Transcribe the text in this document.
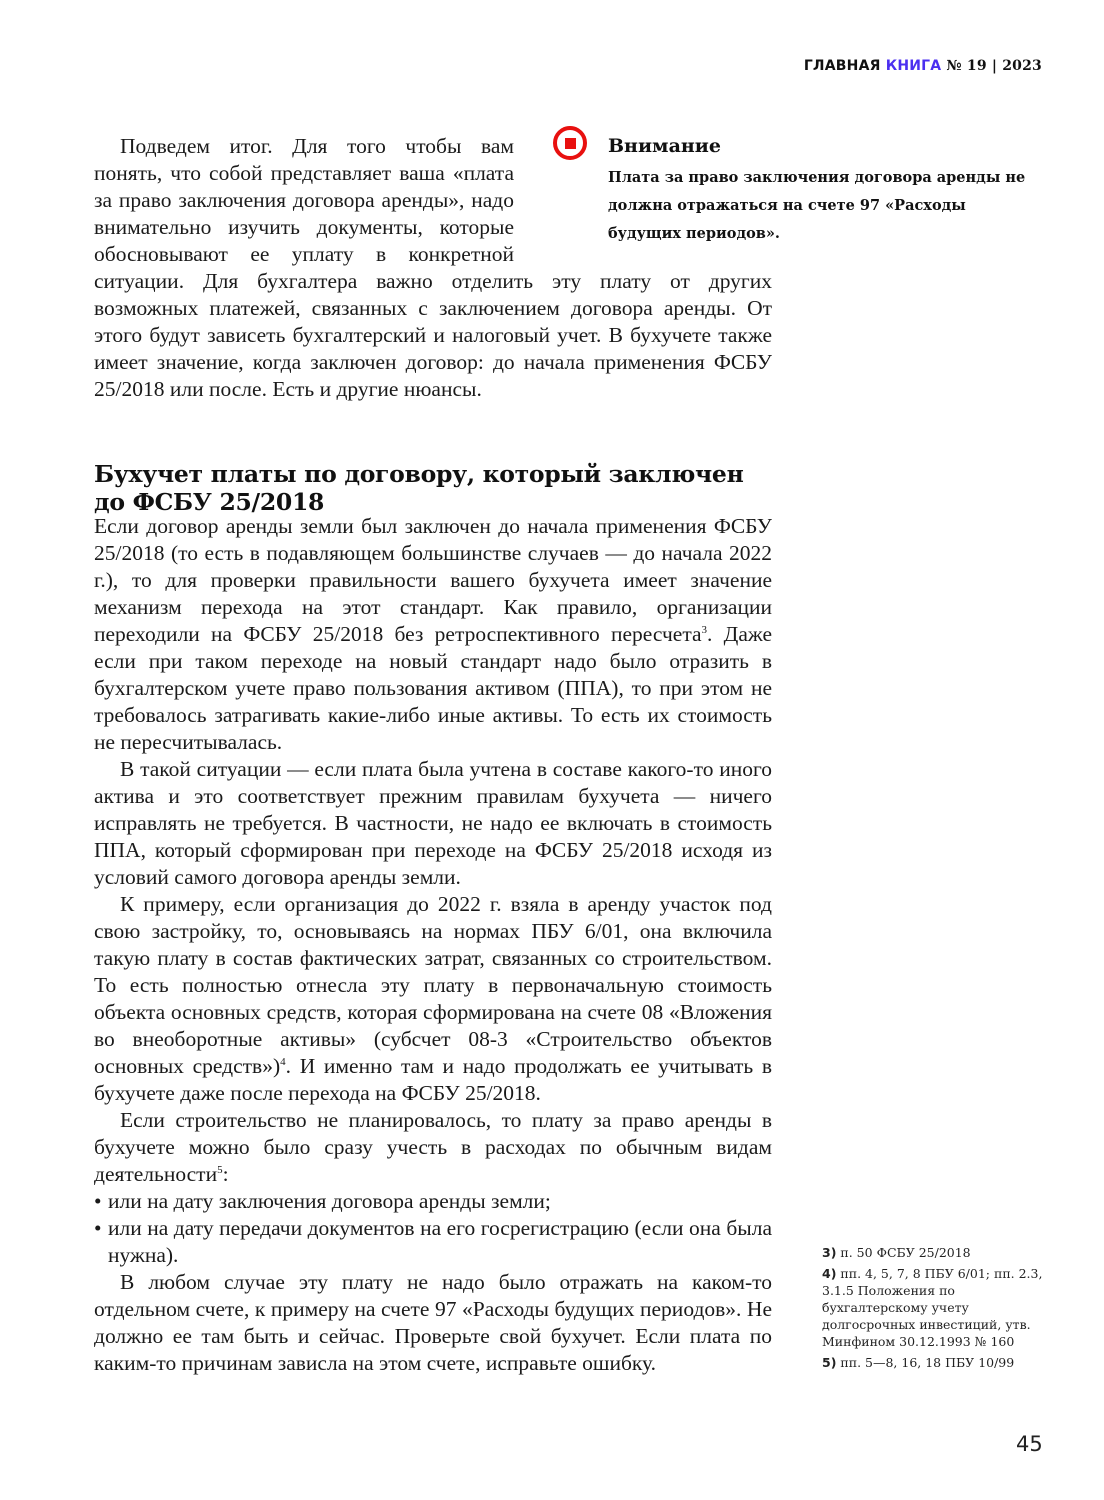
ГЛАВНАЯ КНИГА № 19 | 2023
Внимание
Плата за право заключения договора аренды не должна отражаться на счете 97 «Расходы будущих периодов».

Подведем итог. Для того чтобы вам понять, что собой представляет ваша «плата за право заключения договора аренды», надо внимательно изучить документы, которые обосновывают ее уплату в конкретной ситуации. Для бухгалтера важно отделить эту плату от других возможных платежей, связанных с заключением договора аренды. От этого будут зависеть бухгалтерский и налоговый учет. В бухучете также имеет значение, когда заключен договор: до начала применения ФСБУ 25/2018 или после. Есть и другие нюансы.

Бухучет платы по договору, который заключен до ФСБУ 25/2018

Если договор аренды земли был заключен до начала применения ФСБУ 25/2018 (то есть в подавляющем большинстве случаев — до начала 2022 г.), то для проверки правильности вашего бухучета имеет значение механизм перехода на этот стандарт. Как правило, организации переходили на ФСБУ 25/2018 без ретроспективного пересчета$^3$. Даже если при таком переходе на новый стандарт надо было отразить в бухгалтерском учете право пользования активом (ППА), то при этом не требовалось затрагивать какие-либо иные активы. То есть их стоимость не пересчитывалась.

В такой ситуации — если плата была учтена в составе какого-то иного актива и это соответствует прежним правилам бухучета — ничего исправлять не требуется. В частности, не надо ее включать в стоимость ППА, который сформирован при переходе на ФСБУ 25/2018 исходя из условий самого договора аренды земли.

К примеру, если организация до 2022 г. взяла в аренду участок под свою застройку, то, основываясь на нормах ПБУ 6/01, она включила такую плату в состав фактических затрат, связанных со строительством. То есть полностью отнесла эту плату в первоначальную стоимость объекта основных средств, которая сформирована на счете 08 «Вложения во внеоборотные активы» (субсчет 08-3 «Строительство объектов основных средств»)$^4$. И именно там и надо продолжать ее учитывать в бухучете даже после перехода на ФСБУ 25/2018.

Если строительство не планировалось, то плату за право аренды в бухучете можно было сразу учесть в расходах по обычным видам деятельности$^5$:

• или на дату заключения договора аренды земли;
• или на дату передачи документов на его госрегистрацию (если она была нужна).

В любом случае эту плату не надо было отражать на каком-то отдельном счете, к примеру на счете 97 «Расходы будущих периодов». Не должно ее там быть и сейчас. Проверьте свой бухучет. Если плата по каким-то причинам зависла на этом счете, исправьте ошибку.

3) п. 50 ФСБУ 25/2018
4) пп. 4, 5, 7, 8 ПБУ 6/01; пп. 2.3, 3.1.5 Положения по бухгалтерскому учету долгосрочных инвестиций, утв. Минфином 30.12.1993 № 160
5) пп. 5—8, 16, 18 ПБУ 10/99
45
